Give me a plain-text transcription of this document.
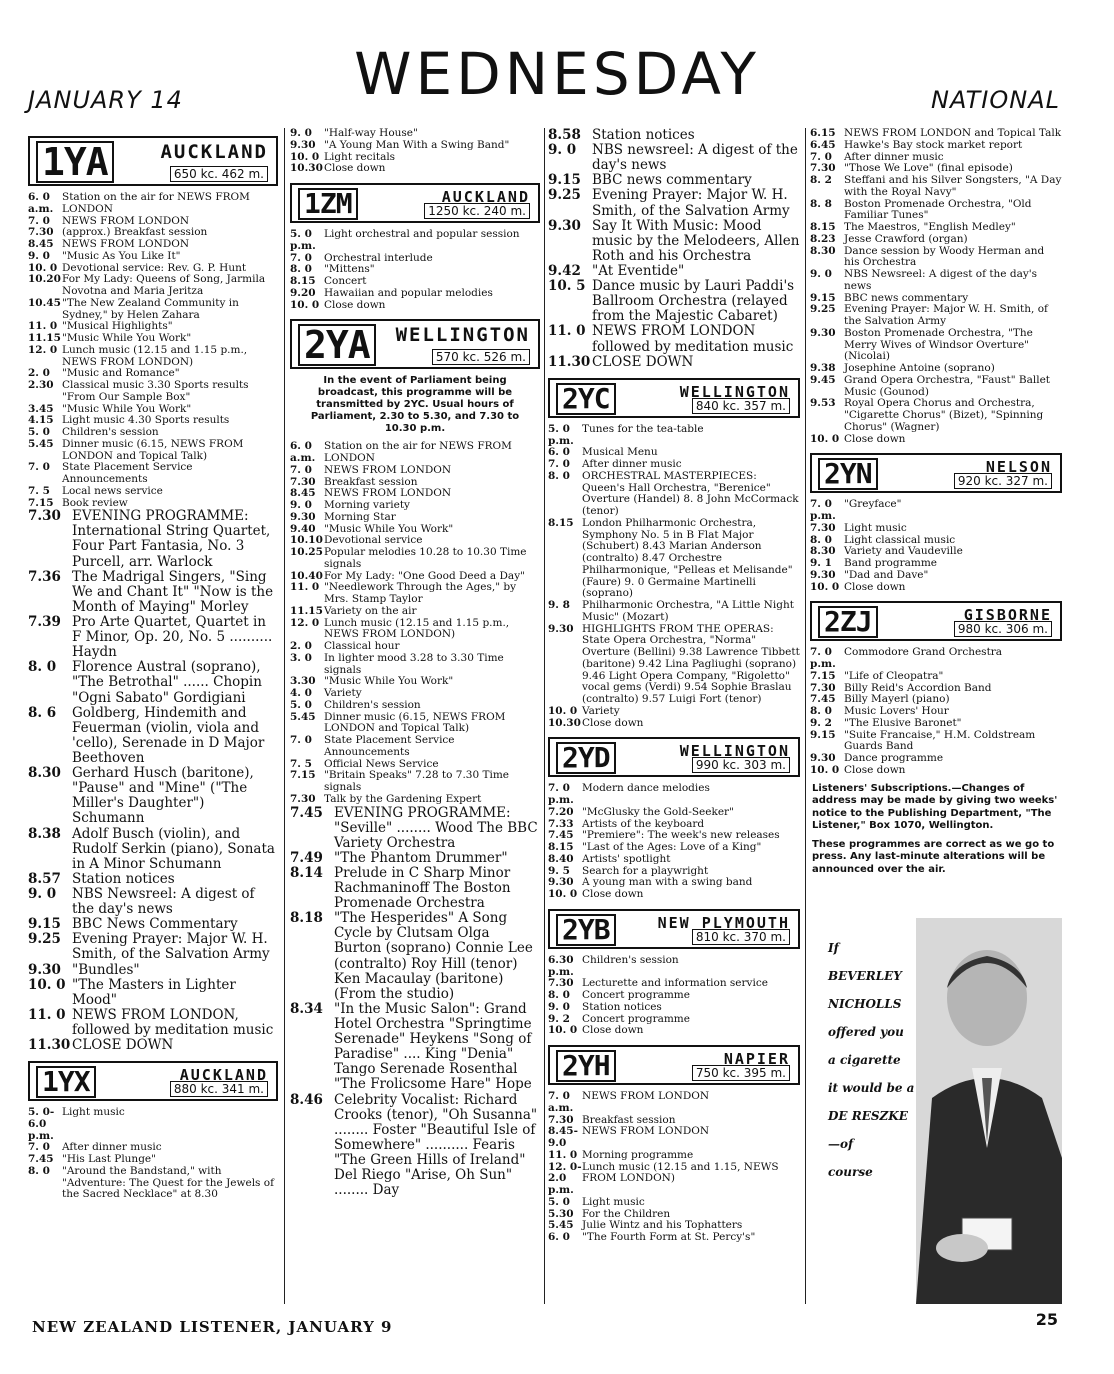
JANUARY 14	WEDNESDAY	NATIONAL
1YA	AUCKLAND
650 kc. 462 m.
6. 0 a.m.
Station on the air for NEWS FROM LONDON
7. 0	NEWS FROM LONDON
7.30 (approx.) Breakfast session
8.45 NEWS FROM LONDON
9. 0	"Music As You Like It"
10. 0 Devotional service: Rev. G. P. Hunt
10.20 For My Lady: Queens of Song, Jarmila Novotna and Maria Jeritza
10.45 "The New Zealand Community in Sydney," by Helen Zahara
11. 0 "Musical Highlights"
11.15 "Music While You Work"
12. 0 Lunch music (12.15 and 1.15 p.m., NEWS FROM LONDON)
2. 0	"Music and Romance"
2.30 Classical music 3.30 Sports results "From Our Sample Box"
3.45 "Music While You Work"
4.15 Light music 4.30 Sports results
5. 0	Children's session
5.45 Dinner music (6.15, NEWS FROM LONDON and Topical Talk)
7. 0	State Placement Service Announcements
7. 5	Local news service
7.15 Book review
7.30 EVENING PROGRAMME: International String Quartet, Four Part Fantasia, No. 3 Purcell, arr. Warlock
7.36 The Madrigal Singers, "Sing We and Chant It" "Now is the Month of Maying" Morley
7.39 Pro Arte Quartet, Quartet in F Minor, Op. 20, No. 5 .......... Haydn
8. 0	Florence Austral (soprano), "The Betrothal" ...... Chopin "Ogni Sabato" Gordigiani
8. 6	Goldberg, Hindemith and Feuerman (violin, viola and 'cello), Serenade in D Major Beethoven
8.30 Gerhard Husch (baritone), "Pause" and "Mine" ("The Miller's Daughter") Schumann
8.38 Adolf Busch (violin), and Rudolf Serkin (piano), Sonata in A Minor Schumann
8.57 Station notices
9. 0	NBS Newsreel: A digest of the day's news
9.15 BBC News Commentary
9.25 Evening Prayer: Major W. H. Smith, of the Salvation Army
9.30 "Bundles"
10. 0 "The Masters in Lighter Mood"
11. 0 NEWS FROM LONDON, followed by meditation music
11.30 CLOSE DOWN
1YX	AUCKLAND
880 kc. 341 m.
5. 0-6.0 p.m.
Light music
7. 0	After dinner music
7.45 "His Last Plunge"
8. 0	"Around the Bandstand," with "Adventure: The Quest for the Jewels of the Sacred Necklace" at 8.30
9. 0	"Half-way House"
9.30 "A Young Man With a Swing Band"
10. 0 Light recitals
10.30 Close down
1ZM	AUCKLAND
1250 kc. 240 m.
5. 0 p.m.
Light orchestral and popular session
7. 0	Orchestral interlude
8. 0	"Mittens"
8.15 Concert
9.20 Hawaiian and popular melodies
10. 0 Close down
2YA	WELLINGTON
570 kc. 526 m.
In the event of Parliament being broadcast, this programme will be transmitted by 2YC. Usual hours of Parliament, 2.30 to 5.30, and 7.30 to 10.30 p.m.
6. 0 a.m.
Station on the air for NEWS FROM LONDON
7. 0	NEWS FROM LONDON
7.30 Breakfast session
8.45 NEWS FROM LONDON
9. 0	Morning variety
9.30 Morning Star
9.40 "Music While You Work"
10.10 Devotional service
10.25 Popular melodies 10.28 to 10.30 Time signals
10.40 For My Lady: "One Good Deed a Day"
11. 0 "Needlework Through the Ages," by Mrs. Stamp Taylor
11.15 Variety on the air
12. 0 Lunch music (12.15 and 1.15 p.m., NEWS FROM LONDON)
2. 0	Classical hour
3. 0	In lighter mood 3.28 to 3.30 Time signals
3.30 "Music While You Work"
4. 0	Variety
5. 0	Children's session
5.45 Dinner music (6.15, NEWS FROM LONDON and Topical Talk)
7. 0	State Placement Service Announcements
7. 5	Official News Service
7.15 "Britain Speaks" 7.28 to 7.30 Time signals
7.30 Talk by the Gardening Expert
7.45 EVENING PROGRAMME: "Seville" ........ Wood The BBC Variety Orchestra
7.49 "The Phantom Drummer"
8.14 Prelude in C Sharp Minor Rachmaninoff The Boston Promenade Orchestra
8.18 "The Hesperides" A Song Cycle by Clutsam Olga Burton (soprano) Connie Lee (contralto) Roy Hill (tenor) Ken Macaulay (baritone) (From the studio)
8.34 "In the Music Salon": Grand Hotel Orchestra "Springtime Serenade" Heykens "Song of Paradise" .... King "Denia" Tango Serenade Rosenthal "The Frolicsome Hare" Hope
8.46 Celebrity Vocalist: Richard Crooks (tenor), "Oh Susanna" ........ Foster "Beautiful Isle of Somewhere" .......... Fearis "The Green Hills of Ireland" Del Riego "Arise, Oh Sun" ........ Day
8.58 Station notices
9. 0	NBS newsreel: A digest of the day's news
9.15 BBC news commentary
9.25 Evening Prayer: Major W. H. Smith, of the Salvation Army
9.30 Say It With Music: Mood music by the Melodeers, Allen Roth and his Orchestra
9.42 "At Eventide"
10. 5 Dance music by Lauri Paddi's Ballroom Orchestra (relayed from the Majestic Cabaret)
11. 0 NEWS FROM LONDON followed by meditation music
11.30 CLOSE DOWN
2YC	WELLINGTON
840 kc. 357 m.
5. 0 p.m.
Tunes for the tea-table
6. 0	Musical Menu
7. 0	After dinner music
8. 0	ORCHESTRAL MASTERPIECES: Queen's Hall Orchestra, "Berenice" Overture (Handel) 8. 8 John McCormack (tenor)
8.15 London Philharmonic Orchestra, Symphony No. 5 in B Flat Major (Schubert) 8.43 Marian Anderson (contralto) 8.47 Orchestre Philharmonique, "Pelleas et Melisande" (Faure) 9. 0 Germaine Martinelli (soprano)
9. 8	Philharmonic Orchestra, "A Little Night Music" (Mozart)
9.30 HIGHLIGHTS FROM THE OPERAS: State Opera Orchestra, "Norma" Overture (Bellini) 9.38 Lawrence Tibbett (baritone) 9.42 Lina Pagliughi (soprano) 9.46 Light Opera Company, "Rigoletto" vocal gems (Verdi) 9.54 Sophie Braslau (contralto) 9.57 Luigi Fort (tenor)
10. 0 Variety
10.30 Close down
2YD	WELLINGTON
990 kc. 303 m.
7. 0 p.m.
Modern dance melodies
7.20 "McGlusky the Gold-Seeker"
7.33 Artists of the keyboard
7.45 "Premiere": The week's new releases
8.15 "Last of the Ages: Love of a King"
8.40 Artists' spotlight
9. 5	Search for a playwright
9.30 A young man with a swing band
10. 0 Close down
2YB	NEW PLYMOUTH
810 kc. 370 m.
6.30 p.m.
Children's session
7.30 Lecturette and information service
8. 0	Concert programme
9. 0	Station notices
9. 2	Concert programme
10. 0 Close down
2YH	NAPIER
750 kc. 395 m.
7. 0 a.m.
NEWS FROM LONDON
7.30 Breakfast session
8.45-9.0
NEWS FROM LONDON
11. 0 Morning programme
12. 0-2.0 p.m.
Lunch music (12.15 and 1.15, NEWS FROM LONDON)
5. 0	Light music
5.30 For the Children
5.45 Julie Wintz and his Tophatters
6. 0	"The Fourth Form at St. Percy's"
6.15 NEWS FROM LONDON and Topical Talk
6.45 Hawke's Bay stock market report
7. 0	After dinner music
7.30 "Those We Love" (final episode)
8. 2	Steffani and his Silver Songsters, "A Day with the Royal Navy"
8. 8	Boston Promenade Orchestra, "Old Familiar Tunes"
8.15 The Maestros, "English Medley"
8.23 Jesse Crawford (organ)
8.30 Dance session by Woody Herman and his Orchestra
9. 0	NBS Newsreel: A digest of the day's news
9.15 BBC news commentary
9.25 Evening Prayer: Major W. H. Smith, of the Salvation Army
9.30 Boston Promenade Orchestra, "The Merry Wives of Windsor Overture" (Nicolai)
9.38 Josephine Antoine (soprano)
9.45 Grand Opera Orchestra, "Faust" Ballet Music (Gounod)
9.53 Royal Opera Chorus and Orchestra, "Cigarette Chorus" (Bizet), "Spinning Chorus" (Wagner)
10. 0 Close down
2YN	NELSON
920 kc. 327 m.
7. 0 p.m.
"Greyface"
7.30 Light music
8. 0	Light classical music
8.30 Variety and Vaudeville
9. 1	Band programme
9.30 "Dad and Dave"
10. 0 Close down
2ZJ	GISBORNE
980 kc. 306 m.
7. 0 p.m.
Commodore Grand Orchestra
7.15 "Life of Cleopatra"
7.30 Billy Reid's Accordion Band
7.45 Billy Mayerl (piano)
8. 0	Music Lovers' Hour
9. 2	"The Elusive Baronet"
9.15 "Suite Francaise," H.M. Coldstream Guards Band
9.30 Dance programme
10. 0 Close down
Listeners' Subscriptions.—Changes of address may be made by giving two weeks' notice to the Publishing Department, "The Listener," Box 1070, Wellington.
These programmes are correct as we go to press. Any last-minute alterations will be announced over the air.
If
BEVERLEY
NICHOLLS
offered you
a cigarette
it would be a
DE RESZKE
—of
course
NEW ZEALAND LISTENER, JANUARY 9	25
